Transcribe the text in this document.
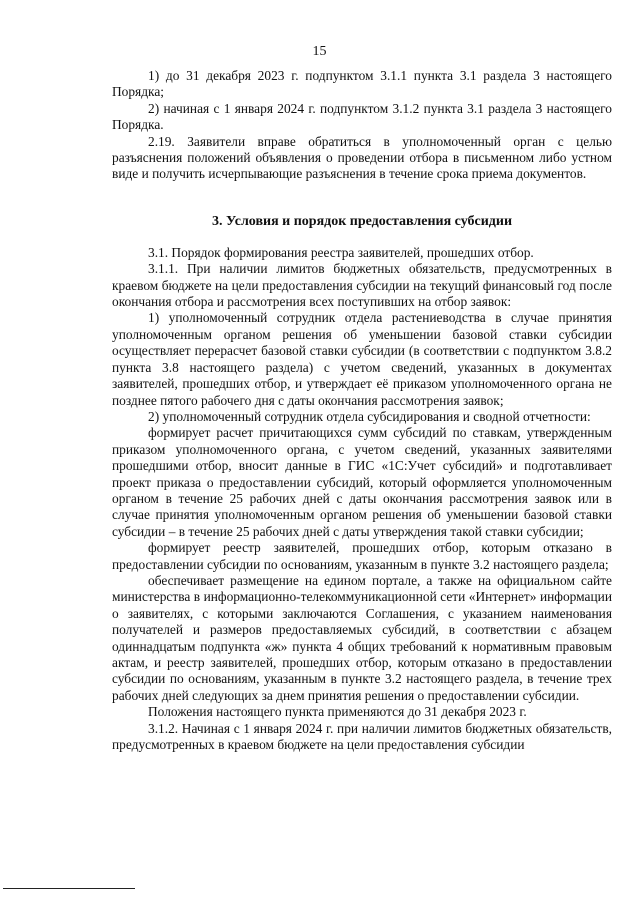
15

1) до 31 декабря 2023 г. подпунктом 3.1.1 пункта 3.1 раздела 3 настоящего Порядка;

2) начиная с 1 января 2024 г. подпунктом 3.1.2 пункта 3.1 раздела 3 настоящего Порядка.

2.19. Заявители вправе обратиться в уполномоченный орган с целью разъяснения положений объявления о проведении отбора в письменном либо устном виде и получить исчерпывающие разъяснения в течение срока приема документов.

3. Условия и порядок предоставления субсидии

3.1. Порядок формирования реестра заявителей, прошедших отбор.

3.1.1. При наличии лимитов бюджетных обязательств, предусмотренных в краевом бюджете на цели предоставления субсидии на текущий финансовый год после окончания отбора и рассмотрения всех поступивших на отбор заявок:

1) уполномоченный сотрудник отдела растениеводства в случае принятия уполномоченным органом решения об уменьшении базовой ставки субсидии осуществляет перерасчет базовой ставки субсидии (в соответствии с подпунктом 3.8.2 пункта 3.8 настоящего раздела) с учетом сведений, указанных в документах заявителей, прошедших отбор, и утверждает её приказом уполномоченного органа не позднее пятого рабочего дня с даты окончания рассмотрения заявок;

2) уполномоченный сотрудник отдела субсидирования и сводной отчетности:

формирует расчет причитающихся сумм субсидий по ставкам, утвержденным приказом уполномоченного органа, с учетом сведений, указанных заявителями прошедшими отбор, вносит данные в ГИС «1С:Учет субсидий» и подготавливает проект приказа о предоставлении субсидий, который оформляется уполномоченным органом в течение 25 рабочих дней с даты окончания рассмотрения заявок или в случае принятия уполномоченным органом решения об уменьшении базовой ставки субсидии – в течение 25 рабочих дней с даты утверждения такой ставки субсидии;

формирует реестр заявителей, прошедших отбор, которым отказано в предоставлении субсидии по основаниям, указанным в пункте 3.2 настоящего раздела;

обеспечивает размещение на едином портале, а также на официальном сайте министерства в информационно-телекоммуникационной сети «Интернет» информации о заявителях, с которыми заключаются Соглашения, с указанием наименования получателей и размеров предоставляемых субсидий, в соответствии с абзацем одиннадцатым подпункта «ж» пункта 4 общих требований к нормативным правовым актам, и реестр заявителей, прошедших отбор, которым отказано в предоставлении субсидии по основаниям, указанным в пункте 3.2 настоящего раздела, в течение трех рабочих дней следующих за днем принятия решения о предоставлении субсидии.

Положения настоящего пункта применяются до 31 декабря 2023 г.

3.1.2. Начиная с 1 января 2024 г. при наличии лимитов бюджетных обязательств, предусмотренных в краевом бюджете на цели предоставления субсидии
